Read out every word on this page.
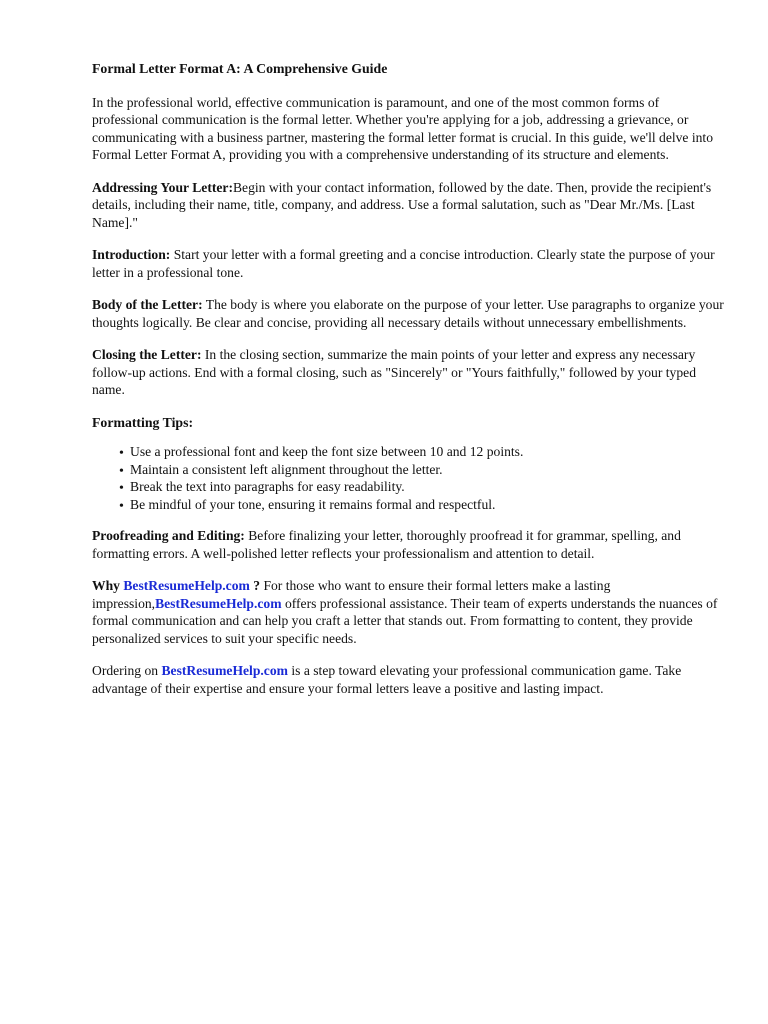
Formal Letter Format A: A Comprehensive Guide

In the professional world, effective communication is paramount, and one of the most common forms of professional communication is the formal letter. Whether you're applying for a job, addressing a grievance, or communicating with a business partner, mastering the formal letter format is crucial. In this guide, we'll delve into Formal Letter Format A, providing you with a comprehensive understanding of its structure and elements.

Addressing Your Letter:Begin with your contact information, followed by the date. Then, provide the recipient's details, including their name, title, company, and address. Use a formal salutation, such as "Dear Mr./Ms. [Last Name]."

Introduction: Start your letter with a formal greeting and a concise introduction. Clearly state the purpose of your letter in a professional tone.

Body of the Letter: The body is where you elaborate on the purpose of your letter. Use paragraphs to organize your thoughts logically. Be clear and concise, providing all necessary details without unnecessary embellishments.

Closing the Letter: In the closing section, summarize the main points of your letter and express any necessary follow-up actions. End with a formal closing, such as "Sincerely" or "Yours faithfully," followed by your typed name.

Formatting Tips:
• Use a professional font and keep the font size between 10 and 12 points.
• Maintain a consistent left alignment throughout the letter.
• Break the text into paragraphs for easy readability.
• Be mindful of your tone, ensuring it remains formal and respectful.

Proofreading and Editing: Before finalizing your letter, thoroughly proofread it for grammar, spelling, and formatting errors. A well-polished letter reflects your professionalism and attention to detail.

Why BestResumeHelp.com ? For those who want to ensure their formal letters make a lasting impression,BestResumeHelp.com offers professional assistance. Their team of experts understands the nuances of formal communication and can help you craft a letter that stands out. From formatting to content, they provide personalized services to suit your specific needs.

Ordering on BestResumeHelp.com is a step toward elevating your professional communication game. Take advantage of their expertise and ensure your formal letters leave a positive and lasting impact.
